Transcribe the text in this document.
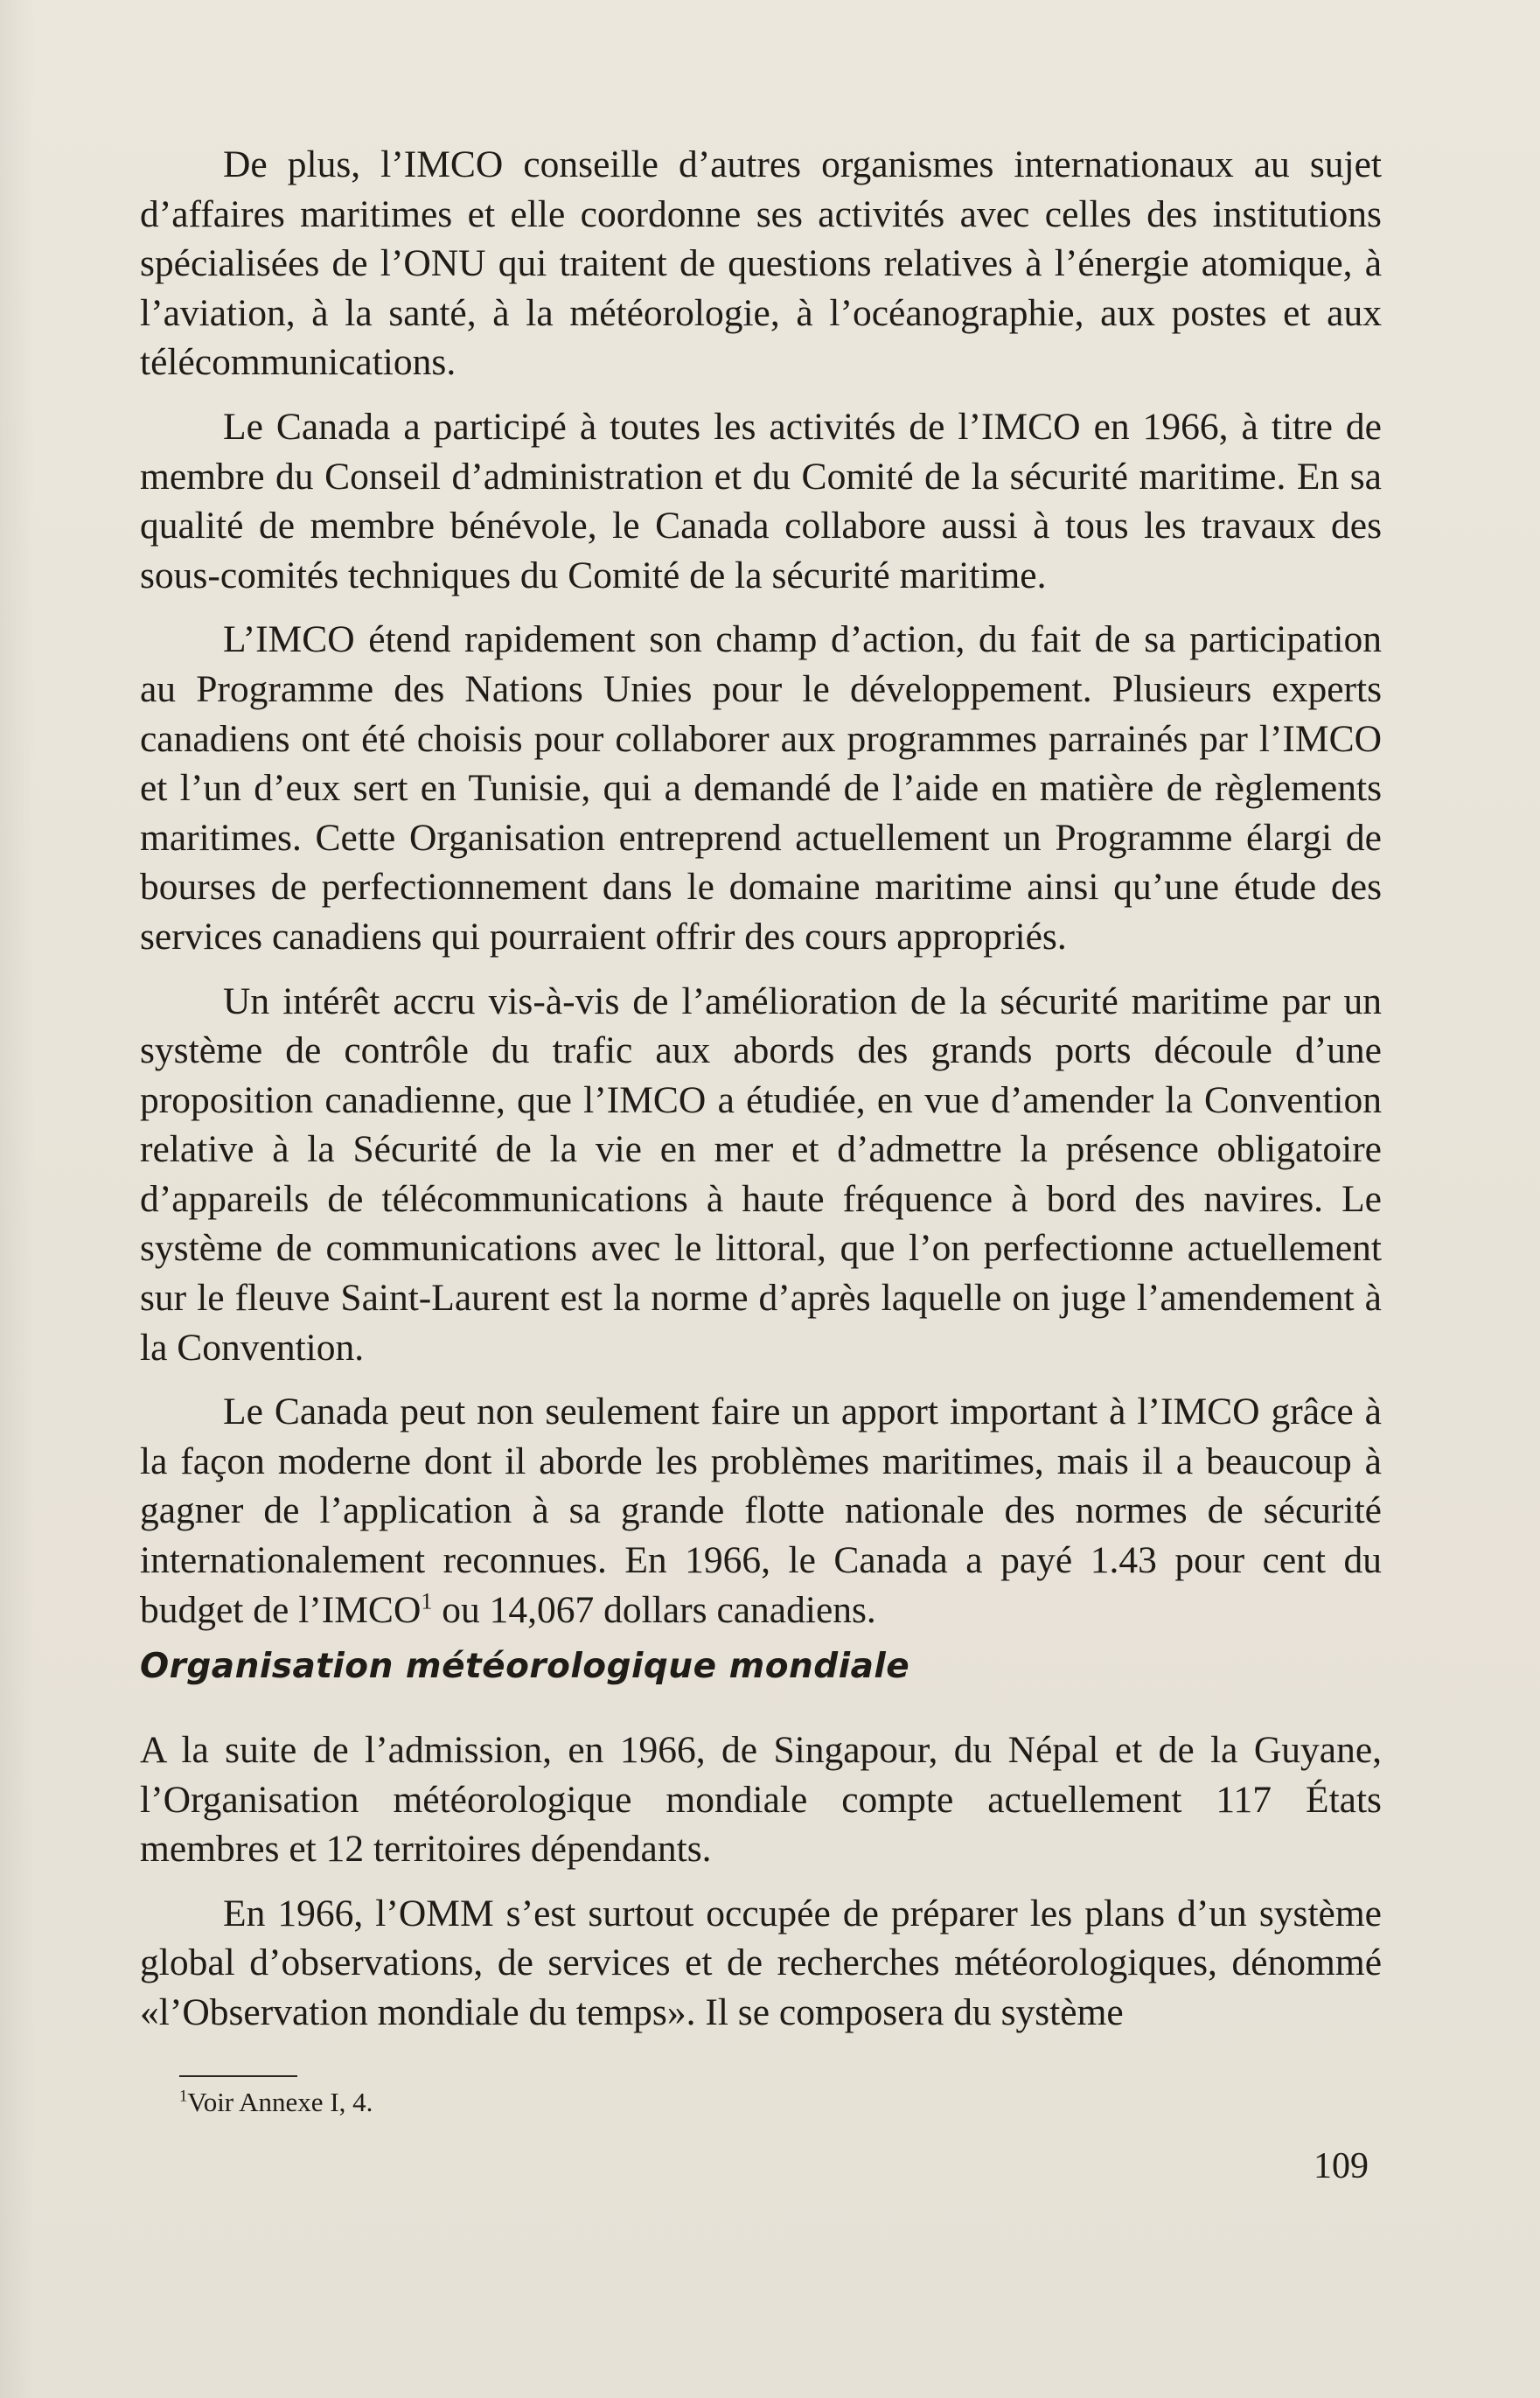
De plus, l’IMCO conseille d’autres organismes internationaux au sujet d’affaires maritimes et elle coordonne ses activités avec celles des institutions spécialisées de l’ONU qui traitent de questions relatives à l’énergie atomique, à l’aviation, à la santé, à la météorologie, à l’océanographie, aux postes et aux télécommunications.

Le Canada a participé à toutes les activités de l’IMCO en 1966, à titre de membre du Conseil d’administration et du Comité de la sécurité maritime. En sa qualité de membre bénévole, le Canada collabore aussi à tous les travaux des sous-comités techniques du Comité de la sécurité maritime.

L’IMCO étend rapidement son champ d’action, du fait de sa participation au Programme des Nations Unies pour le développement. Plusieurs experts canadiens ont été choisis pour collaborer aux programmes parrainés par l’IMCO et l’un d’eux sert en Tunisie, qui a demandé de l’aide en matière de règlements maritimes. Cette Organisation entreprend actuellement un Programme élargi de bourses de perfectionnement dans le domaine maritime ainsi qu’une étude des services canadiens qui pourraient offrir des cours appropriés.

Un intérêt accru vis-à-vis de l’amélioration de la sécurité maritime par un système de contrôle du trafic aux abords des grands ports découle d’une proposition canadienne, que l’IMCO a étudiée, en vue d’amender la Convention relative à la Sécurité de la vie en mer et d’admettre la présence obligatoire d’appareils de télécommunications à haute fréquence à bord des navires. Le système de communications avec le littoral, que l’on perfectionne actuellement sur le fleuve Saint-Laurent est la norme d’après laquelle on juge l’amendement à la Convention.

Le Canada peut non seulement faire un apport important à l’IMCO grâce à la façon moderne dont il aborde les problèmes maritimes, mais il a beaucoup à gagner de l’application à sa grande flotte nationale des normes de sécurité internationalement reconnues. En 1966, le Canada a payé 1.43 pour cent du budget de l’IMCO$^1$ ou 14,067 dollars canadiens.

Organisation météorologique mondiale

A la suite de l’admission, en 1966, de Singapour, du Népal et de la Guyane, l’Organisation météorologique mondiale compte actuellement 117 États membres et 12 territoires dépendants.

En 1966, l’OMM s’est surtout occupée de préparer les plans d’un système global d’observations, de services et de recherches météorologiques, dénommé «l’Observation mondiale du temps». Il se composera du système

$^1$Voir Annexe I, 4.
109
